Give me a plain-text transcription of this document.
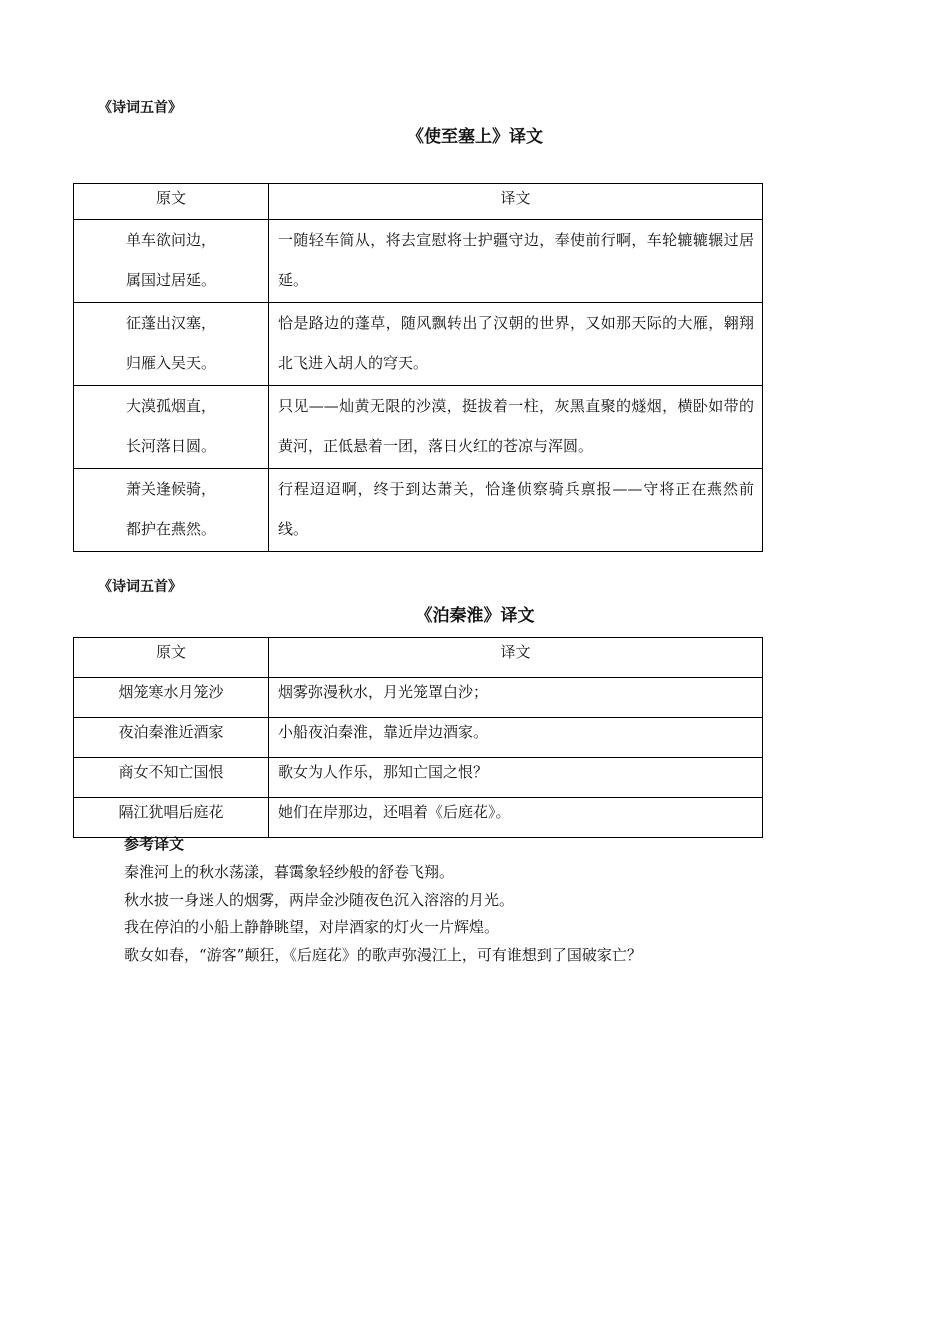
《诗词五首》
《使至塞上》译文
原文	译文

单车欲问边，
属国过居延。	一随轻车简从，将去宣慰将士护疆守边，奉使前行啊，车轮辘辘辗过居延。

征蓬出汉塞，
归雁入吴天。	恰是路边的蓬草，随风飘转出了汉朝的世界，又如那天际的大雁，翱翔北飞进入胡人的穹天。

大漠孤烟直，
长河落日圆。	只见——灿黄无限的沙漠，挺拔着一柱，灰黑直聚的燧烟，横卧如带的黄河，正低悬着一团，落日火红的苍凉与浑圆。

萧关逢候骑，
都护在燕然。	行程迢迢啊，终于到达萧关，恰逢侦察骑兵禀报——守将正在燕然前线。
《诗词五首》
《泊秦淮》译文
原文	译文
烟笼寒水月笼沙	烟雾弥漫秋水，月光笼罩白沙；
夜泊秦淮近酒家	小船夜泊秦淮，靠近岸边酒家。
商女不知亡国恨	歌女为人作乐，那知亡国之恨？
隔江犹唱后庭花	她们在岸那边，还唱着《后庭花》。
参考译文
秦淮河上的秋水荡漾，暮霭象轻纱般的舒卷飞翔。
秋水披一身迷人的烟雾，两岸金沙随夜色沉入溶溶的月光。
我在停泊的小船上静静眺望，对岸酒家的灯火一片辉煌。
歌女如春，“游客”颠狂，《后庭花》的歌声弥漫江上，可有谁想到了国破家亡？
